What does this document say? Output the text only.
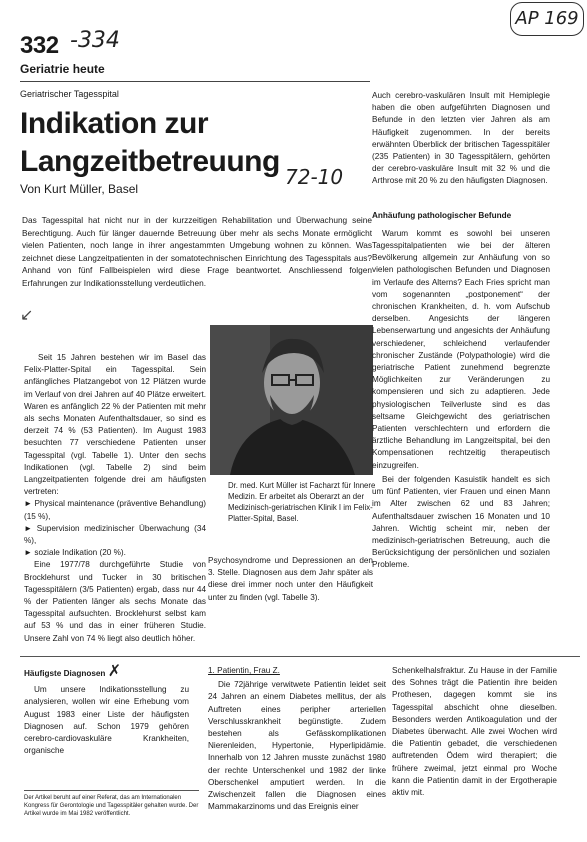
332 -334
AP 169
Geriatrie heute
Geriatrischer Tagesspital
Indikation zur
Langzeitbetreuung
Von Kurt Müller, Basel	72-10
Das Tagesspital hat nicht nur in der kurzzeitigen Rehabilitation und Überwachung seine Berechtigung. Auch für länger dauernde Betreuung über mehr als sechs Monate ermöglicht vielen Patienten, noch lange in ihrer angestammten Umgebung wohnen zu können. Was zeichnet diese Langzeitpatienten in der somatotechnischen Einrichtung des Tagesspitals aus? Anhand von fünf Fallbeispielen wird diese Frage beantwortet. Anschliessend folgen Erfahrungen zur Indikationsstellung verdeutlichen.
↙
Seit 15 Jahren bestehen wir im Basel das Felix-Platter-Spital ein Tagesspital. Sein anfängliches Platzangebot von 12 Plätzen wurde im Verlauf von drei Jahren auf 40 Plätze erweitert. Waren es anfänglich 22 % der Patienten mit mehr als sechs Monaten Aufenthaltsdauer, so sind es derzeit 74 % (53 Patienten). Im August 1983 besuchten 77 verschiedene Patienten unser Tagesspital (vgl. Tabelle 1). Unter den sechs Indikationen (vgl. Tabelle 2) sind beim Langzeitpatienten folgende drei am häufigsten vertreten:
► Physical maintenance (präventive Behandlung) (15 %),
► Supervision medizinischer Überwachung (34 %),
► soziale Indikation (20 %).
Eine 1977/78 durchgeführte Studie von Brocklehurst und Tucker in 30 britischen Tagesspitälern (3/5 Patienten) ergab, dass nur 44 % der Patienten länger als sechs Monate das Tagesspital aufsuchten. Brocklehurst selbst kam auf 53 % und das in einer früheren Studie. Unsere Zahl von 74 % liegt also deutlich höher.
Dr. med. Kurt Müller ist Facharzt für Innere Medizin. Er arbeitet als Oberarzt an der Medizinisch-geriatrischen Klinik I im Felix-Platter-Spital, Basel.
Psychosyndrome und Depressionen an den 3. Stelle. Diagnosen aus dem Jahr später als diese drei immer noch unter den Häufigkeit unter zu finden (vgl. Tabelle 3).
Auch cerebro-vaskulären Insult mit Hemiplegie haben die oben aufgeführten Diagnosen und Befunde in den letzten vier Jahren als am Häufigkeit zugenommen. In der bereits erwähnten Überblick der britischen Tagesspitäler (235 Patienten) in 30 Tagesspitälern, gehörten der cerebro-vaskuläre Insult mit 32 % und die Arthrose mit 20 % zu den häufigsten Diagnosen.
Anhäufung pathologischer Befunde
Warum kommt es sowohl bei unseren Tagesspitalpatienten wie bei der älteren Bevölkerung allgemein zur Anhäufung von so vielen pathologischen Befunden und Diagnosen im Verlaufe des Alterns? Each Fries spricht man vom sogenannten „postponement“ der chronischen Krankheiten, d. h. vom Aufschub derselben. Angesichts der längeren Lebenserwartung und angesichts der Anhäufung verschiedener, schleichend verlaufender chronischer Zustände (Polypathologie) wird die geriatrische Patient zunehmend begrenzte Möglichkeiten zur Veränderungen zu kompensieren und sich zu adaptieren. Jede physiologischen Teilverluste sind es das seltsame Gleichgewicht des geriatrischen Patienten verschlechtern und erfordern die ärztliche Behandlung im Langzeitspital, bei den Kompensationen rechtzeitig therapeutisch einzugreifen.
Bei der folgenden Kasuistik handelt es sich um fünf Patienten, vier Frauen und einen Mann im Alter zwischen 62 und 83 Jahren; Aufenthaltsdauer zwischen 16 Monaten und 10 Jahren. Wichtig scheint mir, neben der medizinisch-geriatrischen Betreuung, auch die Berücksichtigung der persönlichen und sozialen Probleme.
Häufigste Diagnosen ✗
Um unsere Indikationsstellung zu analysieren, wollen wir eine Erhebung vom August 1983 einer Liste der häufigsten Diagnosen auf. Schon 1979 gehören cerebro-cardiovaskuläre Krankheiten, organische
1. Patientin, Frau Z.
Die 72jährige verwitwete Patientin leidet seit 24 Jahren an einem Diabetes mellitus, der als Auftreten eines peripher arteriellen Verschlusskrankheit begünstigte. Zudem bestehen als Gefässkomplikationen Nierenleiden, Hypertonie, Hyperlipidämie. Innerhalb von 12 Jahren musste zunächst 1980 der rechte Unterschenkel und 1982 der linke Oberschenkel amputiert werden. In die Zwischenzeit fallen die Diagnosen eines Mammakarzinoms und das Ereignis einer
Schenkelhalsfraktur. Zu Hause in der Familie des Sohnes trägt die Patientin ihre beiden Prothesen, dagegen kommt sie ins Tagesspital abschicht ohne dieselben. Besonders werden Antikoagulation und der Diabetes überwacht. Alle zwei Wochen wird die Patientin gebadet, die verschiedenen auftretenden Ödem wird therapiert; die frühere zweimal, jetzt einmal pro Woche kann die Patientin damit in der Ergotherapie aktiv mit.
Der Artikel beruht auf einer Referat, das am Internationalen Kongress für Gerontologie und Tagesspitäler gehalten wurde. Der Artikel wurde im Mai 1982 veröffentlicht.
